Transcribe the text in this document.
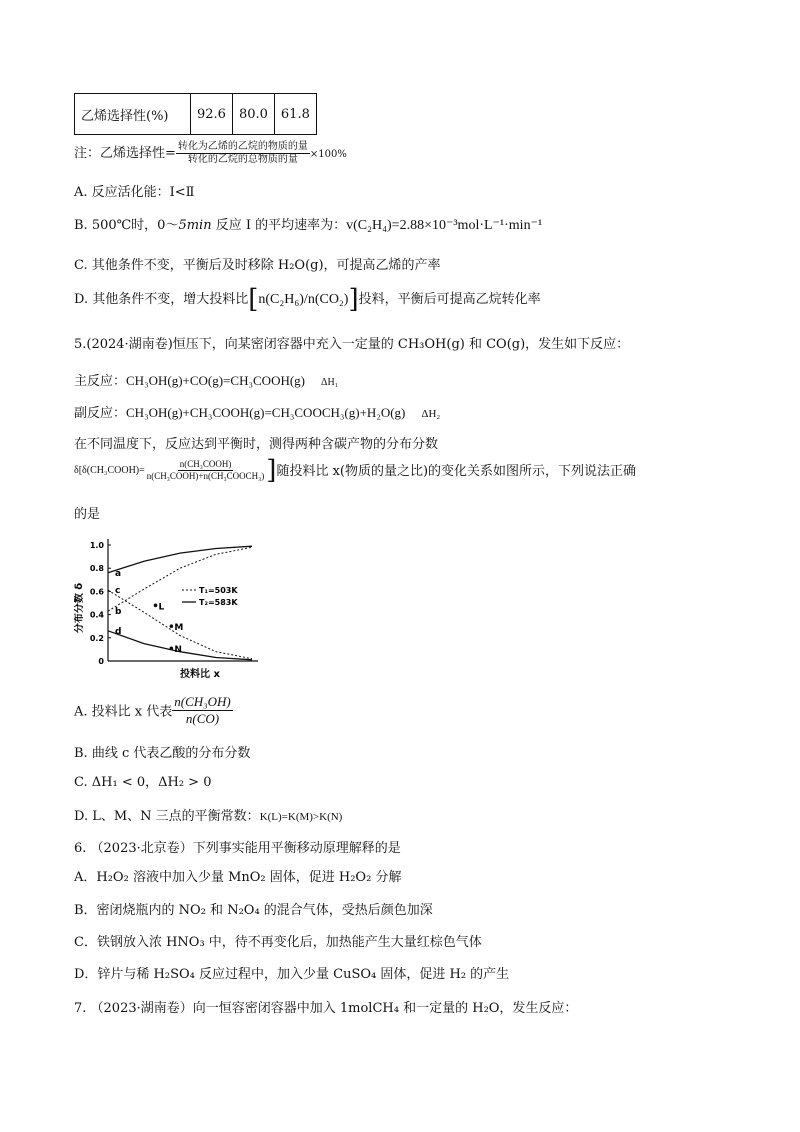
乙烯选择性(%)	92.6	80.0	61.8
注：乙烯选择性= $\frac{\text{转化为乙烯的乙烷的物质的量}}{\text{转化的乙烷的总物质的量}} \times 100\%$
A. 反应活化能：I<Ⅱ
B. 500℃时，0～5min 反应 I 的平均速率为：v(C₂H₄)=2.88×10⁻³mol·L⁻¹·min⁻¹
C. 其他条件不变，平衡后及时移除 H₂O(g)，可提高乙烯的产率
D. 其他条件不变，增大投料比[n(C₂H₆)/n(CO₂)]投料，平衡后可提高乙烷转化率
5.(2024·湖南卷)恒压下，向某密闭容器中充入一定量的 CH₃OH(g) 和 CO(g)，发生如下反应：
主反应：CH₃OH(g)+CO(g)=CH₃COOH(g) ΔH₁
副反应：CH₃OH(g)+CH₃COOH(g)=CH₃COOCH₃(g)+H₂O(g) ΔH₂
在不同温度下，反应达到平衡时，测得两种含碳产物的分布分数
δ[δ(CH₃COOH)= $\frac{\text{n(CH₃COOH)}}{\text{n(CH₃COOH)+n(CH₃COOCH₃)}}$ ]随投料比 x(物质的量之比)的变化关系如图所示，下列说法正确
的是
0
0.2
0.4
0.6
0.8
1.0
a
b
c
d
L
M
N
T₁=503K
T₂=583K
分布分数 δ
投料比 x
A. 投料比 x 代表 $\frac{\text{n(CH₃OH)}}{n(CO)}$
B. 曲线 c 代表乙酸的分布分数
C. ΔH₁ < 0，ΔH₂ > 0
D. L、M、N 三点的平衡常数：K(L)=K(M)>K(N)
6. （2023·北京卷）下列事实能用平衡移动原理解释的是
A．H₂O₂ 溶液中加入少量 MnO₂ 固体，促进 H₂O₂ 分解
B．密闭烧瓶内的 NO₂ 和 N₂O₄ 的混合气体，受热后颜色加深
C．铁钢放入浓 HNO₃ 中，待不再变化后，加热能产生大量红棕色气体
D．锌片与稀 H₂SO₄ 反应过程中，加入少量 CuSO₄ 固体，促进 H₂ 的产生
7. （2023·湖南卷）向一恒容密闭容器中加入 1molCH₄ 和一定量的 H₂O，发生反应：
